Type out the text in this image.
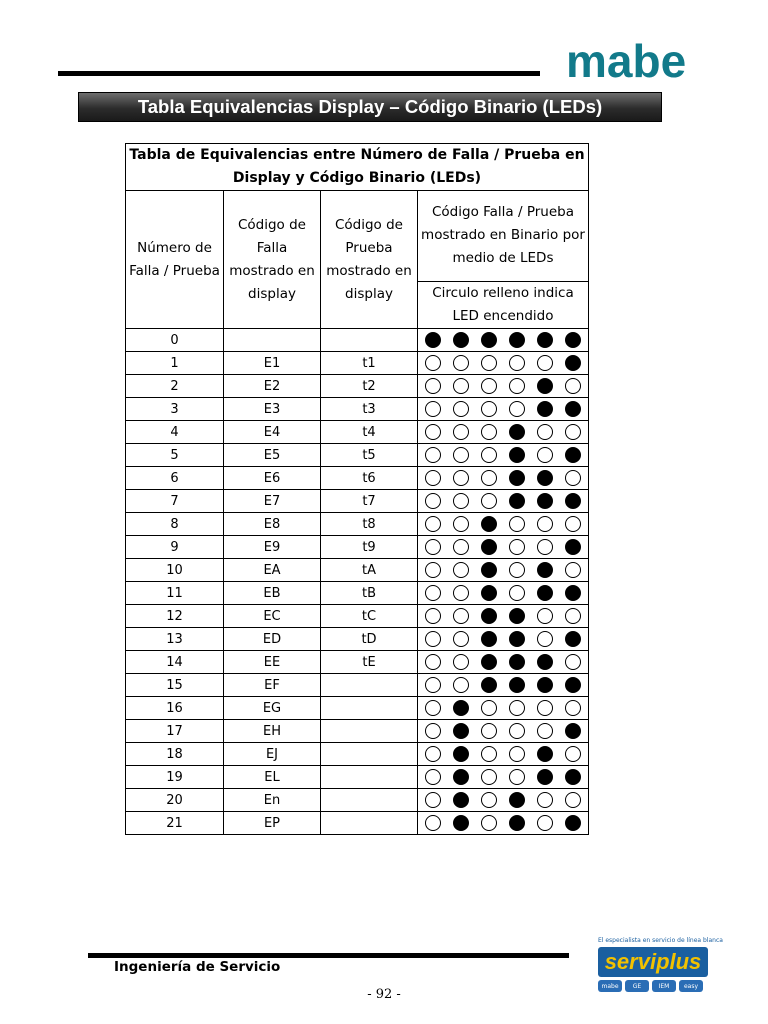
mabe
Tabla Equivalencias Display – Código Binario (LEDs)
Tabla de Equivalencias entre Número de Falla / Prueba en Display y Código Binario (LEDs)			
Número de Falla / Prueba	Código de Falla mostrado en display	Código de Prueba mostrado en display	Código Falla / Prueba mostrado en Binario por medio de LEDs
			Circulo relleno indica LED encendido
0			

1	E1	t1	

2	E2	t2	

3	E3	t3	

4	E4	t4	

5	E5	t5	

6	E6	t6	

7	E7	t7	

8	E8	t8	

9	E9	t9	

10	EA	tA	

11	EB	tB	

12	EC	tC	

13	ED	tD	

14	EE	tE	

15	EF		

16	EG		

17	EH		

18	EJ		

19	EL		

20	En		

21	EP		
Ingeniería de Servicio
- 92 -
El especialista en servicio de línea blanca
serviplus
mabe	GE	IEM	easy
